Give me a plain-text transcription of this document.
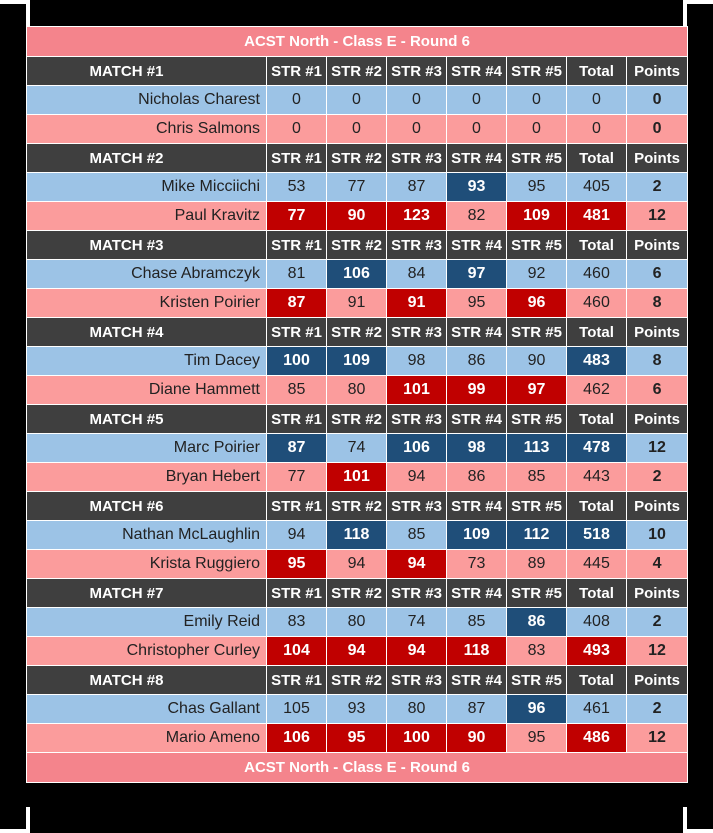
ACST North - Class E - Round 6							
MATCH #1	STR #1	STR #2	STR #3	STR #4	STR #5	Total	Points
Nicholas Charest	0	0	0	0	0	0	0
Chris Salmons	0	0	0	0	0	0	0
MATCH #2	STR #1	STR #2	STR #3	STR #4	STR #5	Total	Points
Mike Micciichi	53	77	87	93	95	405	2
Paul Kravitz	77	90	123	82	109	481	12
MATCH #3	STR #1	STR #2	STR #3	STR #4	STR #5	Total	Points
Chase Abramczyk	81	106	84	97	92	460	6
Kristen Poirier	87	91	91	95	96	460	8
MATCH #4	STR #1	STR #2	STR #3	STR #4	STR #5	Total	Points
Tim Dacey	100	109	98	86	90	483	8
Diane Hammett	85	80	101	99	97	462	6
MATCH #5	STR #1	STR #2	STR #3	STR #4	STR #5	Total	Points
Marc Poirier	87	74	106	98	113	478	12
Bryan Hebert	77	101	94	86	85	443	2
MATCH #6	STR #1	STR #2	STR #3	STR #4	STR #5	Total	Points
Nathan McLaughlin	94	118	85	109	112	518	10
Krista Ruggiero	95	94	94	73	89	445	4
MATCH #7	STR #1	STR #2	STR #3	STR #4	STR #5	Total	Points
Emily Reid	83	80	74	85	86	408	2
Christopher Curley	104	94	94	118	83	493	12
MATCH #8	STR #1	STR #2	STR #3	STR #4	STR #5	Total	Points
Chas Gallant	105	93	80	87	96	461	2
Mario Ameno	106	95	100	90	95	486	12
ACST North - Class E - Round 6							
